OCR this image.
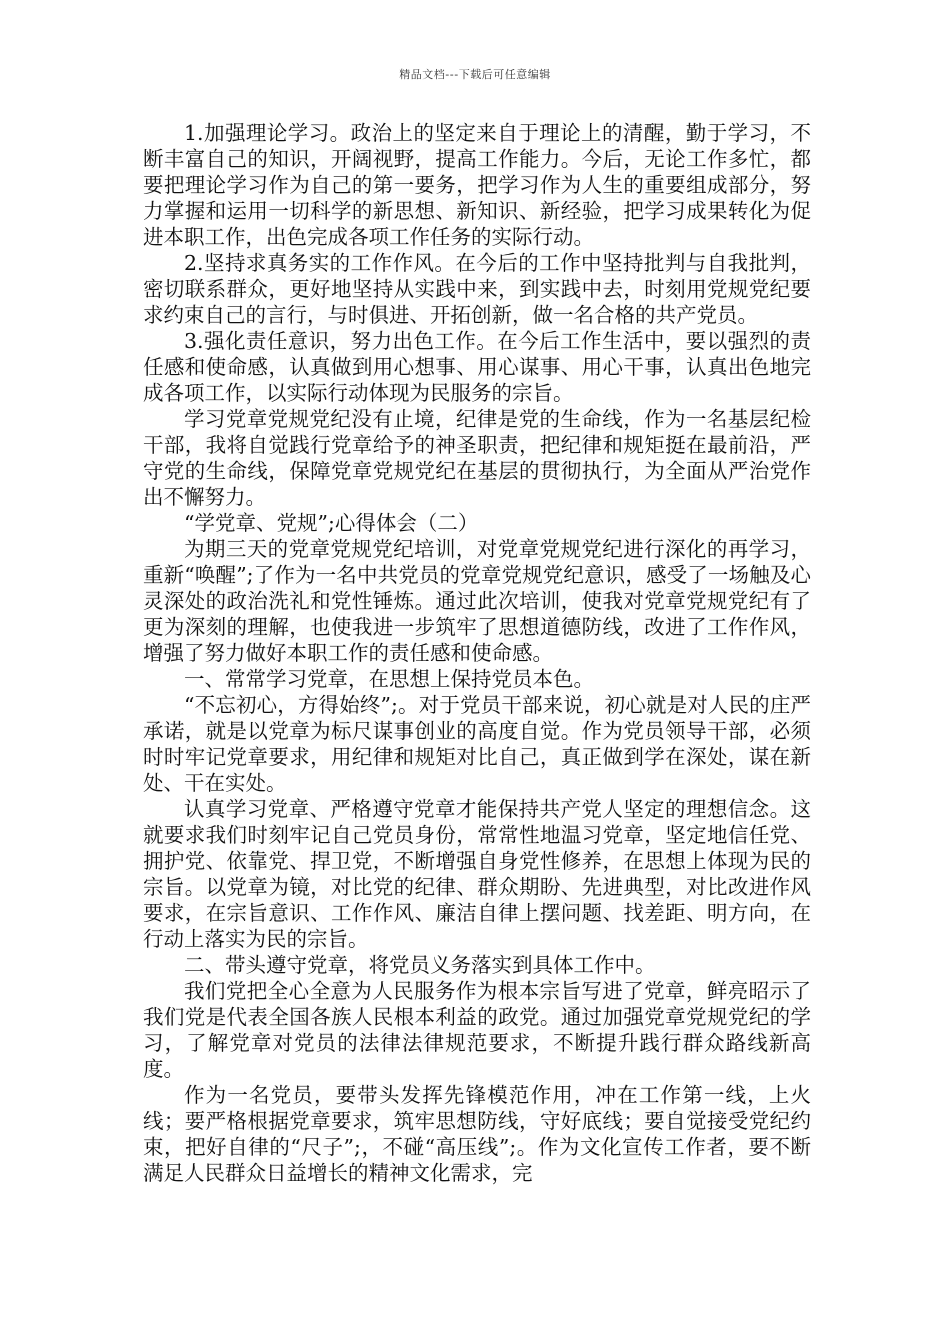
精品文档---下载后可任意编辑

1.加强理论学习。政治上的坚定来自于理论上的清醒，勤于学习，不断丰富自己的知识，开阔视野，提高工作能力。今后，无论工作多忙，都要把理论学习作为自己的第一要务，把学习作为人生的重要组成部分，努力掌握和运用一切科学的新思想、新知识、新经验，把学习成果转化为促进本职工作，出色完成各项工作任务的实际行动。

2.坚持求真务实的工作作风。在今后的工作中坚持批判与自我批判，密切联系群众，更好地坚持从实践中来，到实践中去，时刻用党规党纪要求约束自己的言行，与时俱进、开拓创新，做一名合格的共产党员。

3.强化责任意识，努力出色工作。在今后工作生活中，要以强烈的责任感和使命感，认真做到用心想事、用心谋事、用心干事，认真出色地完成各项工作，以实际行动体现为民服务的宗旨。

学习党章党规党纪没有止境，纪律是党的生命线，作为一名基层纪检干部，我将自觉践行党章给予的神圣职责，把纪律和规矩挺在最前沿，严守党的生命线，保障党章党规党纪在基层的贯彻执行，为全面从严治党作出不懈努力。

“学党章、党规”;心得体会（二）

为期三天的党章党规党纪培训，对党章党规党纪进行深化的再学习，重新“唤醒”;了作为一名中共党员的党章党规党纪意识，感受了一场触及心灵深处的政治洗礼和党性锤炼。通过此次培训，使我对党章党规党纪有了更为深刻的理解，也使我进一步筑牢了思想道德防线，改进了工作作风，增强了努力做好本职工作的责任感和使命感。

一、常常学习党章，在思想上保持党员本色。

“不忘初心，方得始终”;。对于党员干部来说，初心就是对人民的庄严承诺，就是以党章为标尺谋事创业的高度自觉。作为党员领导干部，必须时时牢记党章要求，用纪律和规矩对比自己，真正做到学在深处，谋在新处、干在实处。

认真学习党章、严格遵守党章才能保持共产党人坚定的理想信念。这就要求我们时刻牢记自己党员身份，常常性地温习党章，坚定地信任党、拥护党、依靠党、捍卫党，不断增强自身党性修养，在思想上体现为民的宗旨。以党章为镜，对比党的纪律、群众期盼、先进典型，对比改进作风要求，在宗旨意识、工作作风、廉洁自律上摆问题、找差距、明方向，在行动上落实为民的宗旨。

二、带头遵守党章，将党员义务落实到具体工作中。

我们党把全心全意为人民服务作为根本宗旨写进了党章，鲜亮昭示了我们党是代表全国各族人民根本利益的政党。通过加强党章党规党纪的学习，了解党章对党员的法律法律规范要求，不断提升践行群众路线新高度。

作为一名党员，要带头发挥先锋模范作用，冲在工作第一线，上火线；要严格根据党章要求，筑牢思想防线，守好底线；要自觉接受党纪约束，把好自律的“尺子”;，不碰“高压线”;。作为文化宣传工作者，要不断满足人民群众日益增长的精神文化需求，完
